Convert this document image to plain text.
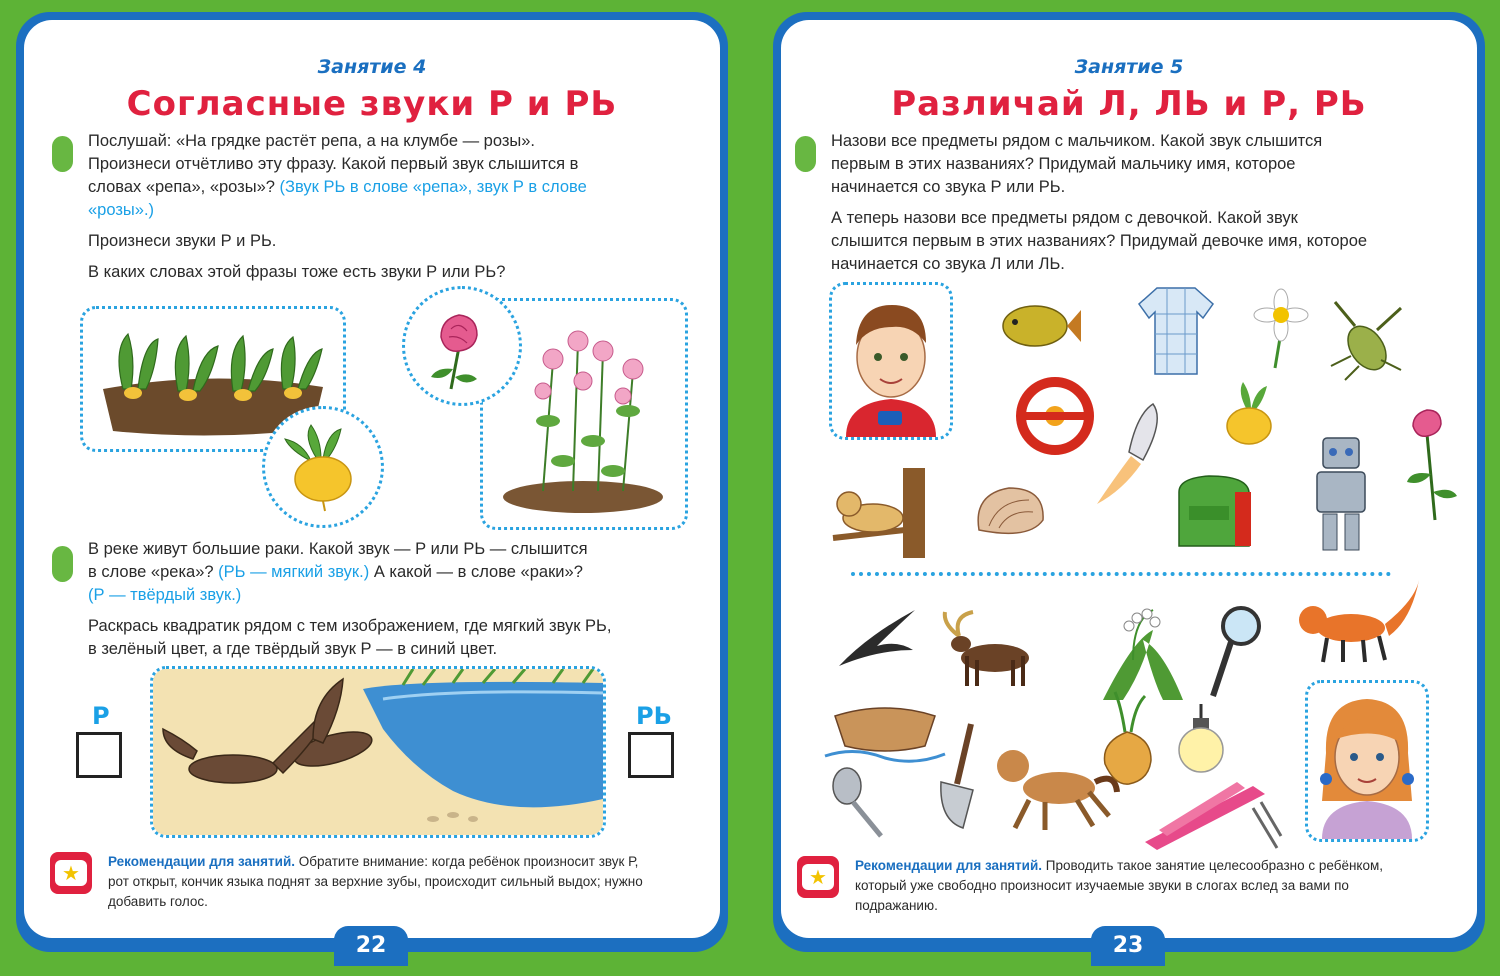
Занятие 4
Согласные звуки Р и РЬ
Послушай: «На грядке растёт репа, а на клумбе — розы».
Произнеси отчётливо эту фразу. Какой первый звук слышится в
словах «репа», «розы»? (Звук РЬ в слове «репа», звук Р в слове
«розы».)
Произнеси звуки Р и РЬ.
В каких словах этой фразы тоже есть звуки Р или РЬ?
В реке живут большие раки. Какой звук — Р или РЬ — слышится
в слове «река»? (РЬ — мягкий звук.) А какой — в слове «раки»?
(Р — твёрдый звук.)
Раскрась квадратик рядом с тем изображением, где мягкий звук РЬ,
в зелёный цвет, а где твёрдый звук Р — в синий цвет.
Р	РЬ
★ Рекомендации для занятий. Обратите внимание: когда ребёнок произносит звук Р,
рот открыт, кончик языка поднят за верхние зубы, происходит сильный выдох; нужно
добавить голос.
22
Занятие 5
Различай Л, ЛЬ и Р, РЬ
Назови все предметы рядом с мальчиком. Какой звук слышится
первым в этих названиях? Придумай мальчику имя, которое
начинается со звука Р или РЬ.
А теперь назови все предметы рядом с девочкой. Какой звук
слышится первым в этих названиях? Придумай девочке имя, которое
начинается со звука Л или ЛЬ.
★ Рекомендации для занятий. Проводить такое занятие целесообразно с ребёнком,
который уже свободно произносит изучаемые звуки в слогах вслед за вами по
подражанию.
23
